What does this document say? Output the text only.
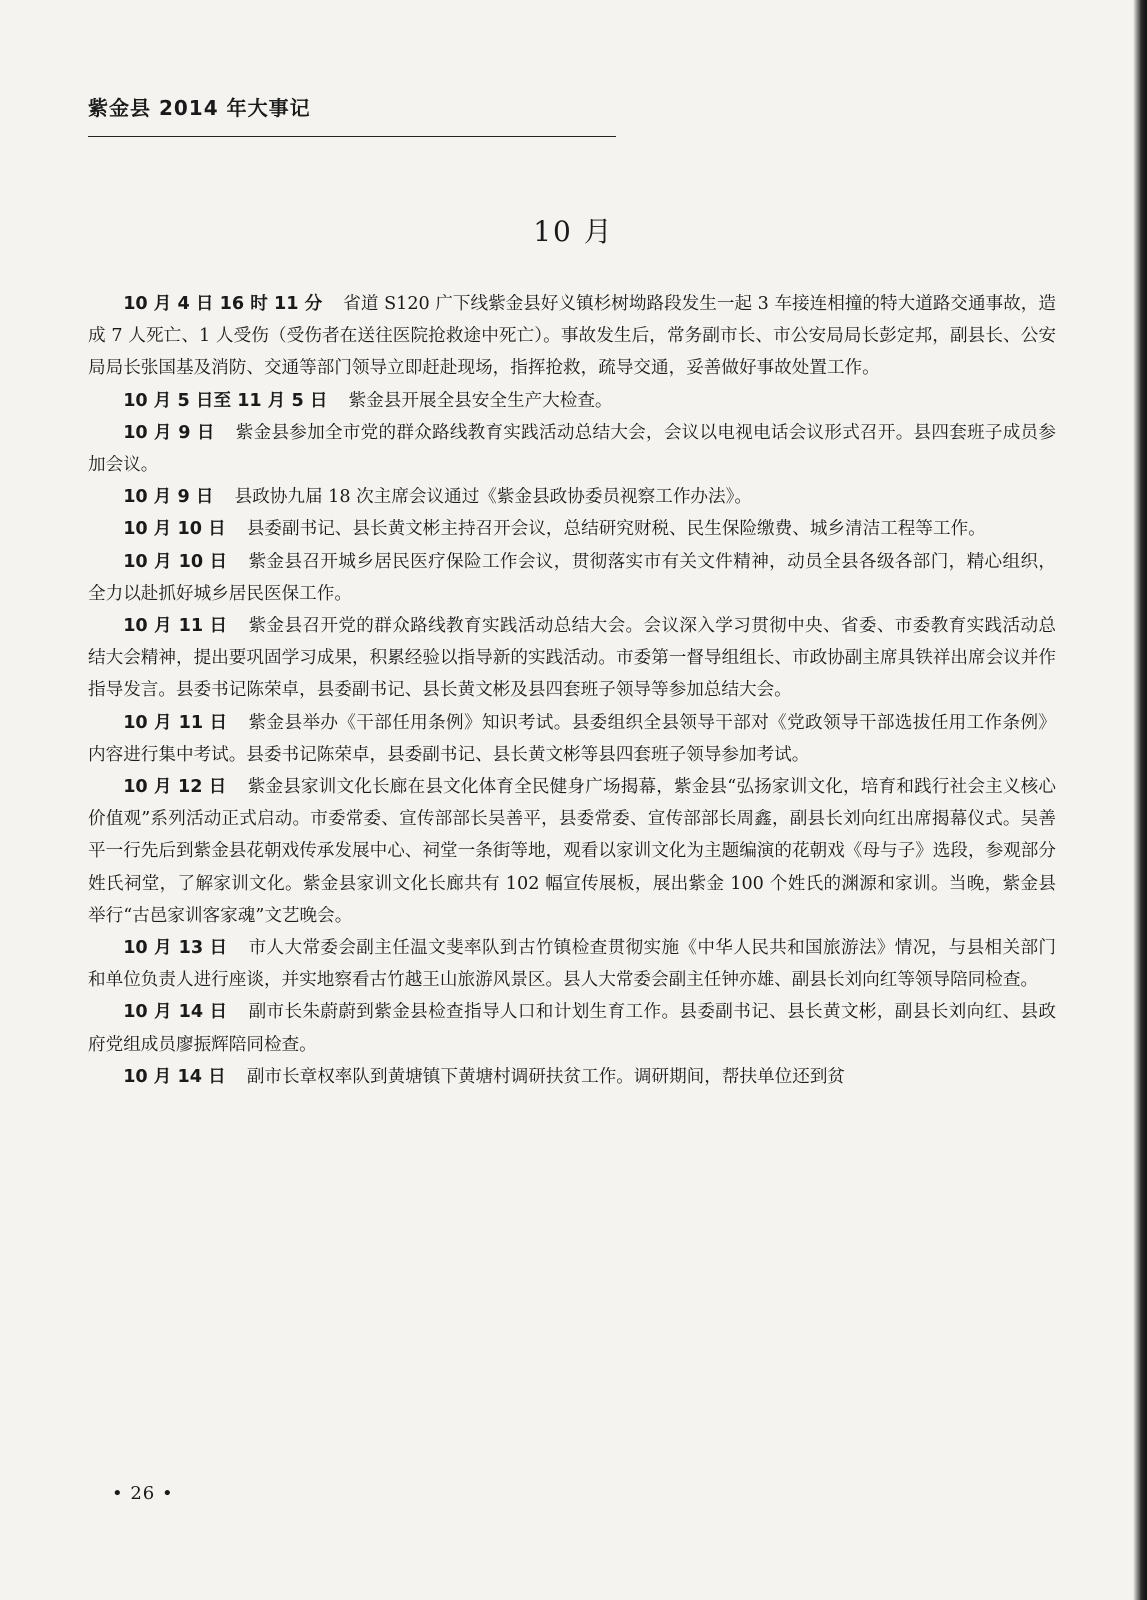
紫金县 2014 年大事记
10 月

10 月 4 日 16 时 11 分 省道 S120 广下线紫金县好义镇杉树坳路段发生一起 3 车接连相撞的特大道路交通事故，造成 7 人死亡、1 人受伤（受伤者在送往医院抢救途中死亡）。事故发生后，常务副市长、市公安局局长彭定邦，副县长、公安局局长张国基及消防、交通等部门领导立即赶赴现场，指挥抢救，疏导交通，妥善做好事故处置工作。

10 月 5 日至 11 月 5 日 紫金县开展全县安全生产大检查。

10 月 9 日 紫金县参加全市党的群众路线教育实践活动总结大会，会议以电视电话会议形式召开。县四套班子成员参加会议。

10 月 9 日 县政协九届 18 次主席会议通过《紫金县政协委员视察工作办法》。

10 月 10 日 县委副书记、县长黄文彬主持召开会议，总结研究财税、民生保险缴费、城乡清洁工程等工作。

10 月 10 日 紫金县召开城乡居民医疗保险工作会议，贯彻落实市有关文件精神，动员全县各级各部门，精心组织，全力以赴抓好城乡居民医保工作。

10 月 11 日 紫金县召开党的群众路线教育实践活动总结大会。会议深入学习贯彻中央、省委、市委教育实践活动总结大会精神，提出要巩固学习成果，积累经验以指导新的实践活动。市委第一督导组组长、市政协副主席具铁祥出席会议并作指导发言。县委书记陈荣卓，县委副书记、县长黄文彬及县四套班子领导等参加总结大会。

10 月 11 日 紫金县举办《干部任用条例》知识考试。县委组织全县领导干部对《党政领导干部选拔任用工作条例》内容进行集中考试。县委书记陈荣卓，县委副书记、县长黄文彬等县四套班子领导参加考试。

10 月 12 日 紫金县家训文化长廊在县文化体育全民健身广场揭幕，紫金县“弘扬家训文化，培育和践行社会主义核心价值观”系列活动正式启动。市委常委、宣传部部长吴善平，县委常委、宣传部部长周鑫，副县长刘向红出席揭幕仪式。吴善平一行先后到紫金县花朝戏传承发展中心、祠堂一条街等地，观看以家训文化为主题编演的花朝戏《母与子》选段，参观部分姓氏祠堂，了解家训文化。紫金县家训文化长廊共有 102 幅宣传展板，展出紫金 100 个姓氏的渊源和家训。当晚，紫金县举行“古邑家训客家魂”文艺晚会。

10 月 13 日 市人大常委会副主任温文斐率队到古竹镇检查贯彻实施《中华人民共和国旅游法》情况，与县相关部门和单位负责人进行座谈，并实地察看古竹越王山旅游风景区。县人大常委会副主任钟亦雄、副县长刘向红等领导陪同检查。

10 月 14 日 副市长朱蔚蔚到紫金县检查指导人口和计划生育工作。县委副书记、县长黄文彬，副县长刘向红、县政府党组成员廖振辉陪同检查。

10 月 14 日 副市长章权率队到黄塘镇下黄塘村调研扶贫工作。调研期间，帮扶单位还到贫

• 26 •
